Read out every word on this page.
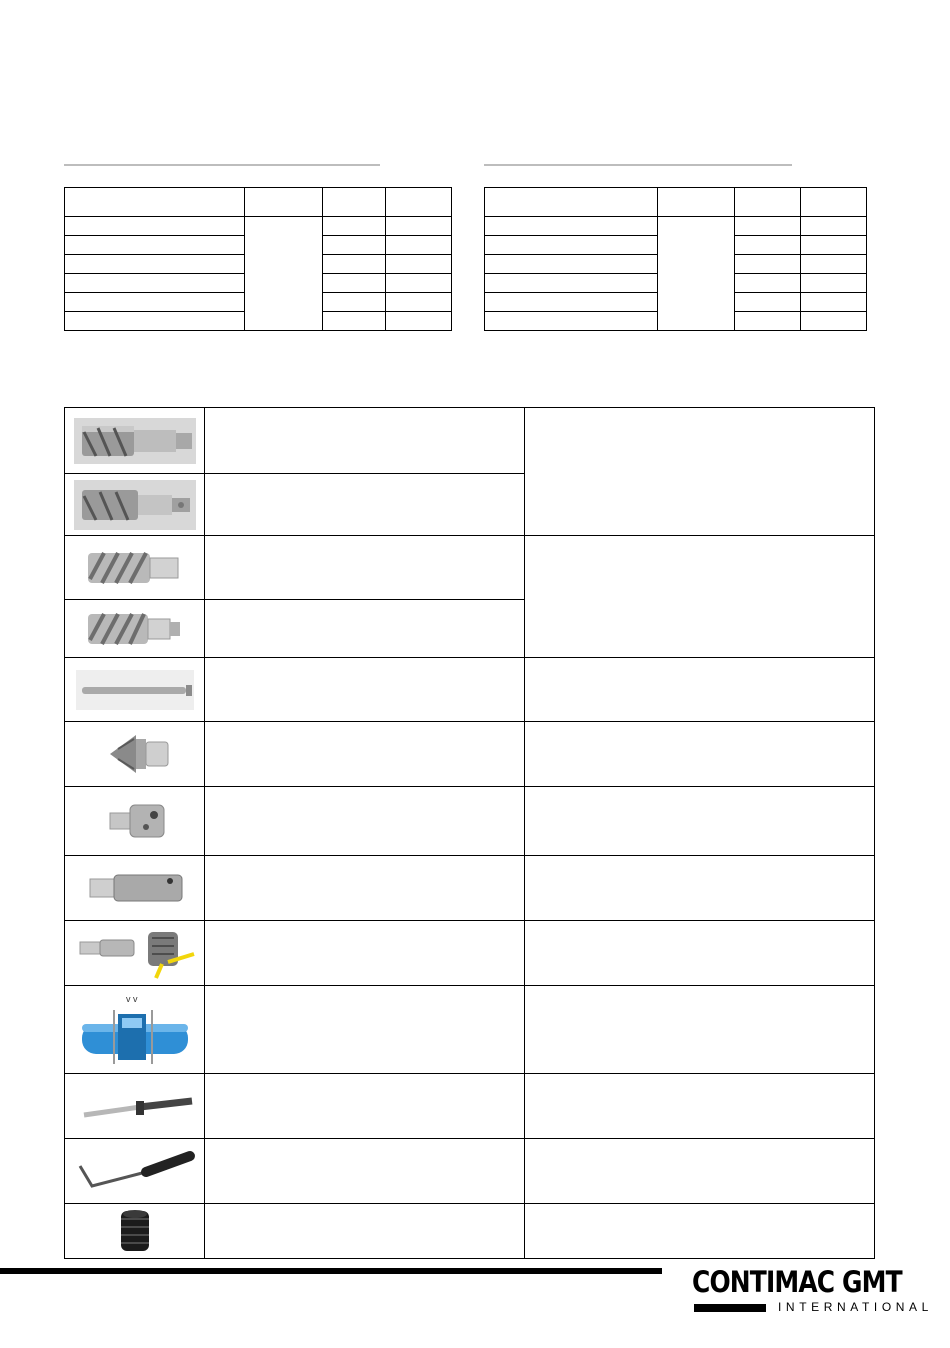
v v		

CONTIMAC GMT
INTERNATIONAL
